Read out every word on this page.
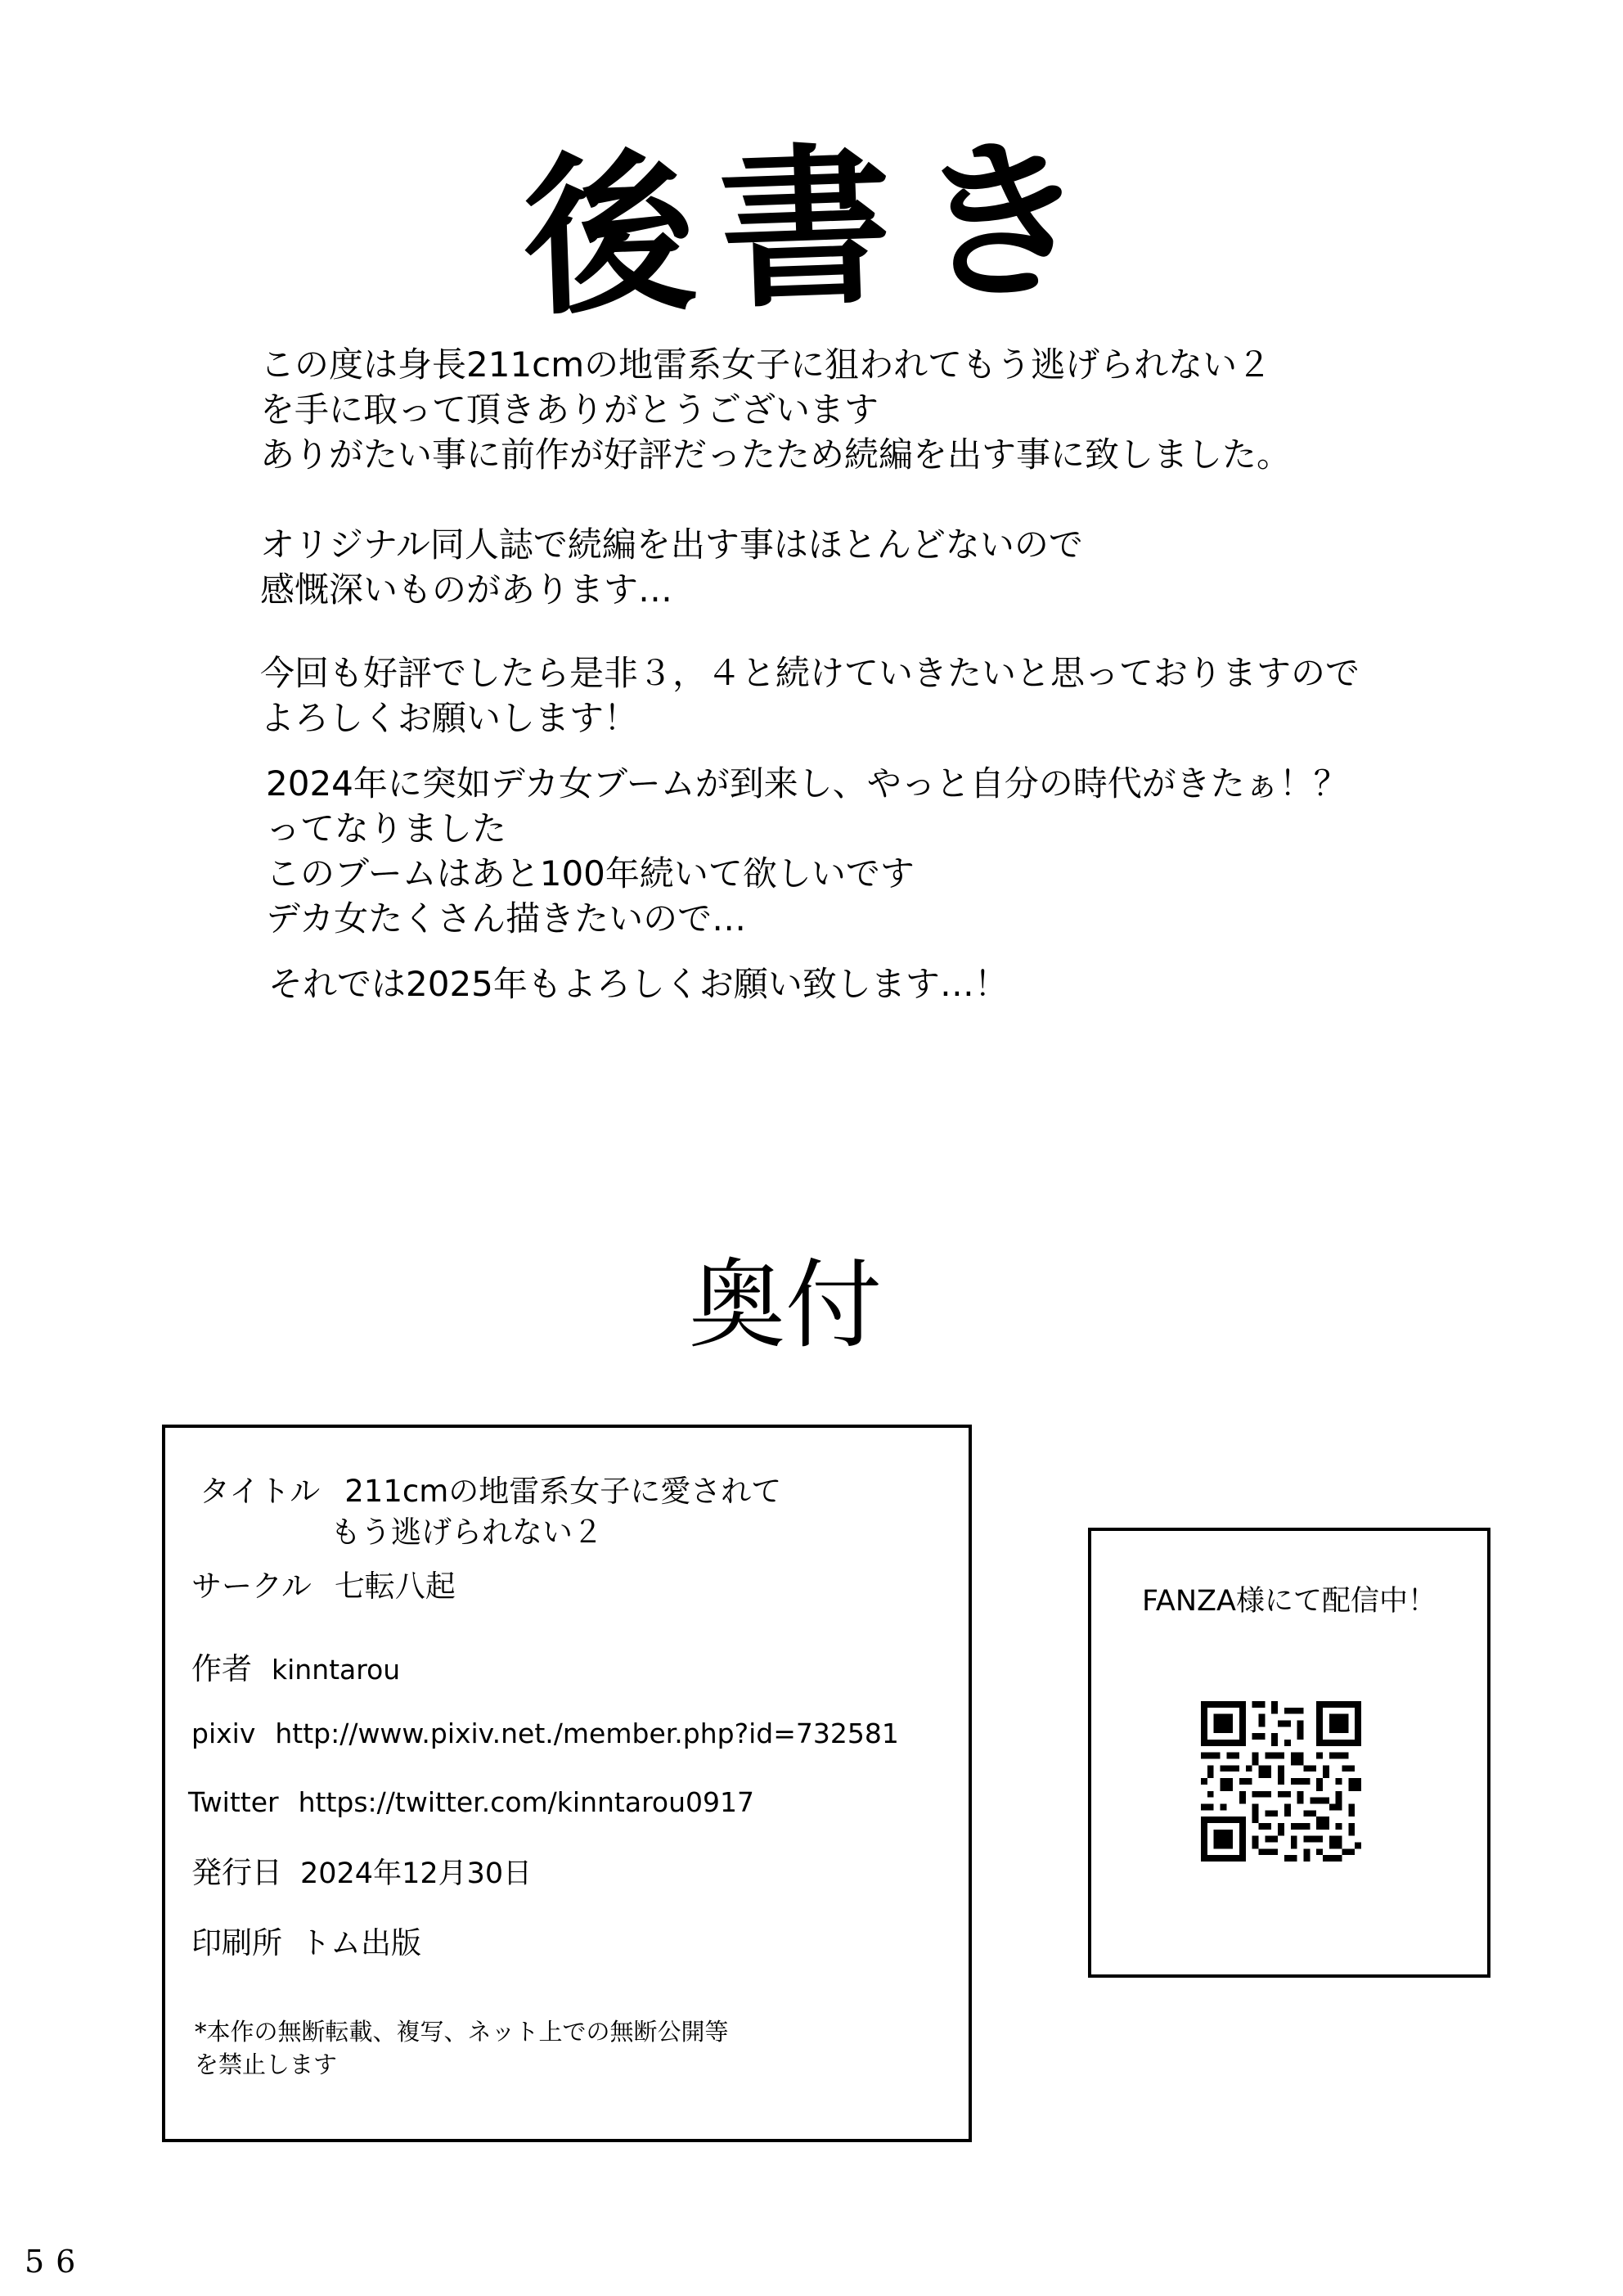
後書き
この度は身長211cmの地雷系女子に狙われてもう逃げられない２
を手に取って頂きありがとうございます
ありがたい事に前作が好評だったため続編を出す事に致しました。
オリジナル同人誌で続編を出す事はほとんどないので
感慨深いものがあります…
今回も好評でしたら是非３，４と続けていきたいと思っておりますので
よろしくお願いします！
2024年に突如デカ女ブームが到来し、やっと自分の時代がきたぁ！？
ってなりました
このブームはあと100年続いて欲しいです
デカ女たくさん描きたいので…
それでは2025年もよろしくお願い致します…！
奥付
タイトル 211cmの地雷系女子に愛されて
もう逃げられない２
サークル 七転八起
作者 kinntarou
pixiv http://www.pixiv.net./member.php?id=732581
Twitter https://twitter.com/kinntarou0917
発行日 2024年12月30日
印刷所 トム出版
*本作の無断転載、複写、ネット上での無断公開等
を禁止します
FANZA様にて配信中！
56
